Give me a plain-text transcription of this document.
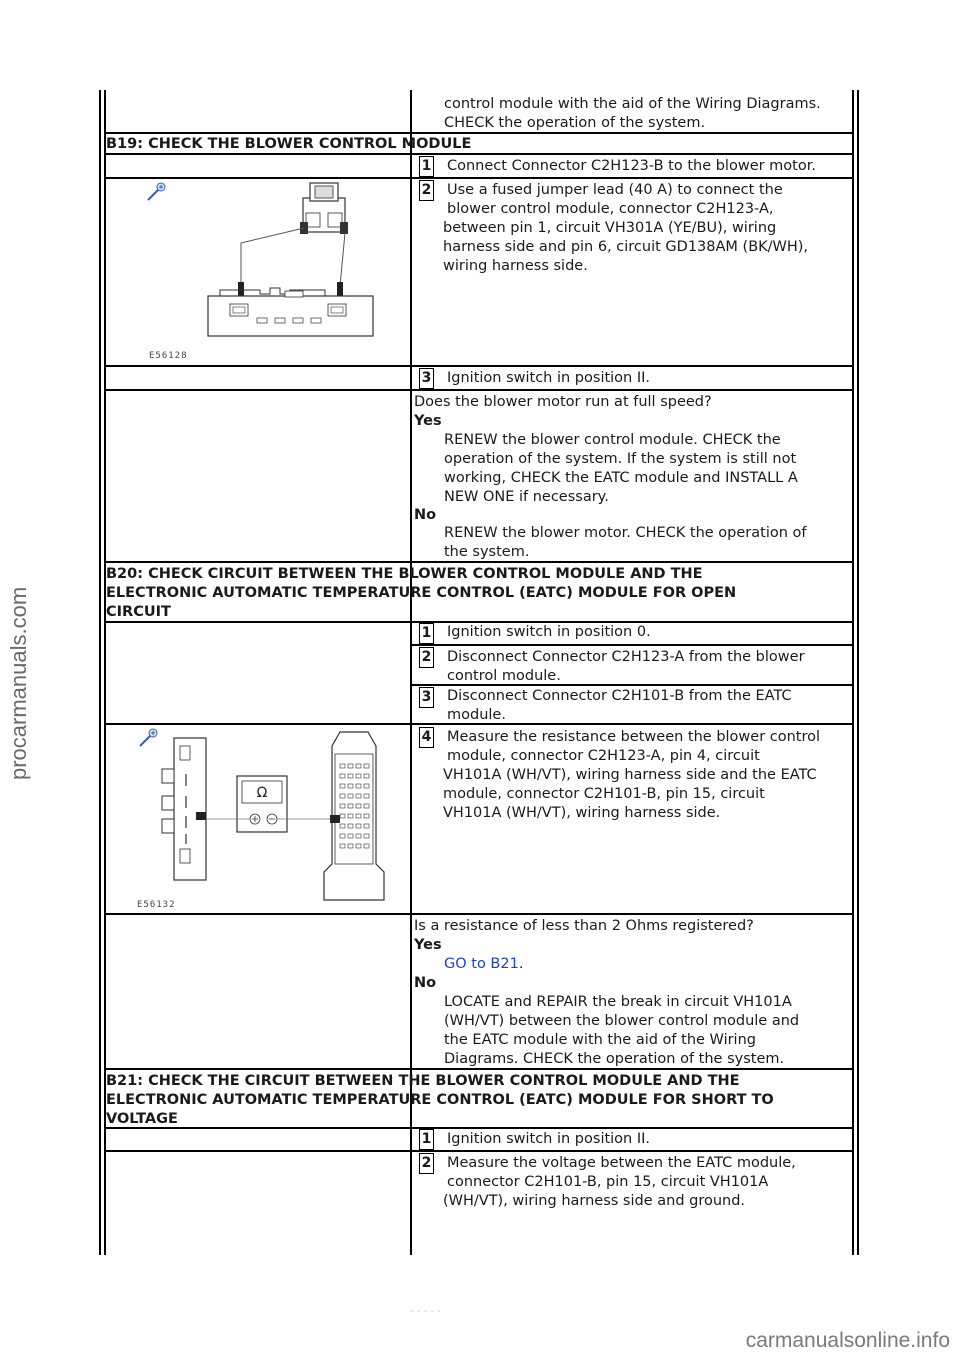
control module with the aid of the Wiring Diagrams.
CHECK the operation of the system.
B19: CHECK THE BLOWER CONTROL MODULE
1 Connect Connector C2H123-B to the blower motor.
2 Use a fused jumper lead (40 A) to connect the
blower control module, connector C2H123-A,
between pin 1, circuit VH301A (YE/BU), wiring
harness side and pin 6, circuit GD138AM (BK/WH),
wiring harness side.
E56128
3 Ignition switch in position II.
Does the blower motor run at full speed?
Yes
RENEW the blower control module. CHECK the
operation of the system. If the system is still not
working, CHECK the EATC module and INSTALL A
NEW ONE if necessary.
No
RENEW the blower motor. CHECK the operation of
the system.
B20: CHECK CIRCUIT BETWEEN THE BLOWER CONTROL MODULE AND THE
ELECTRONIC AUTOMATIC TEMPERATURE CONTROL (EATC) MODULE FOR OPEN
CIRCUIT
1 Ignition switch in position 0.
2 Disconnect Connector C2H123-A from the blower
control module.
3 Disconnect Connector C2H101-B from the EATC
module.
4 Measure the resistance between the blower control
module, connector C2H123-A, pin 4, circuit
VH101A (WH/VT), wiring harness side and the EATC
module, connector C2H101-B, pin 15, circuit
VH101A (WH/VT), wiring harness side.
Ω
E56132
Is a resistance of less than 2 Ohms registered?
Yes
GO to B21.
No
LOCATE and REPAIR the break in circuit VH101A
(WH/VT) between the blower control module and
the EATC module with the aid of the Wiring
Diagrams. CHECK the operation of the system.
B21: CHECK THE CIRCUIT BETWEEN THE BLOWER CONTROL MODULE AND THE
ELECTRONIC AUTOMATIC TEMPERATURE CONTROL (EATC) MODULE FOR SHORT TO
VOLTAGE
1 Ignition switch in position II.
2 Measure the voltage between the EATC module,
connector C2H101-B, pin 15, circuit VH101A
(WH/VT), wiring harness side and ground.
procarmanuals.com
carmanualsonline.info
- - - - -
